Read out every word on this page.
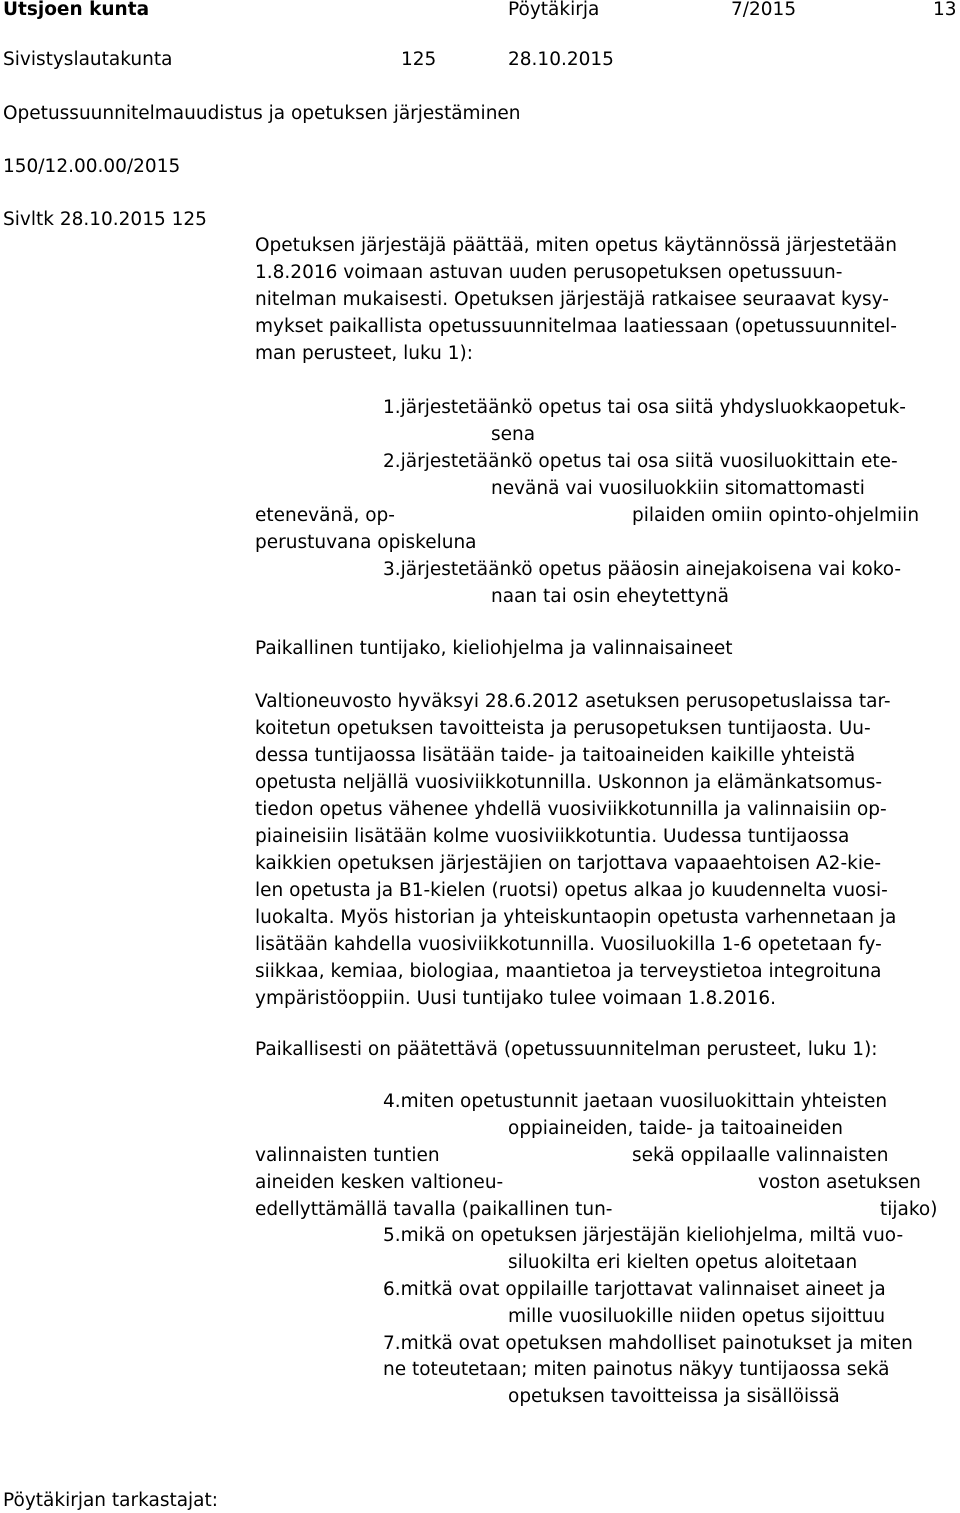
Utsjoen kunta	Pöytäkirja	7/2015	13
Sivistyslautakunta	125	28.10.2015
Opetussuunnitelmauudistus ja opetuksen järjestäminen
150/12.00.00/2015
Sivltk 28.10.2015 125
Opetuksen järjestäjä päättää, miten opetus käytännössä järjestetään
1.8.2016 voimaan astuvan uuden perusopetuksen opetussuun-
nitelman mukaisesti. Opetuksen järjestäjä ratkaisee seuraavat kysy-
mykset paikallista opetussuunnitelmaa laatiessaan (opetussuunnitel-
man perusteet, luku 1):
1.järjestetäänkö opetus tai osa siitä yhdysluokkaopetuk-
sena
2.järjestetäänkö opetus tai osa siitä vuosiluokittain ete-
nevänä vai vuosiluokkiin sitomattomasti
etenevänä, op-	pilaiden omiin opinto-ohjelmiin
perustuvana opiskeluna
3.järjestetäänkö opetus pääosin ainejakoisena vai koko-
naan tai osin eheytettynä
Paikallinen tuntijako, kieliohjelma ja valinnaisaineet
Valtioneuvosto hyväksyi 28.6.2012 asetuksen perusopetuslaissa tar-
koitetun opetuksen tavoitteista ja perusopetuksen tuntijaosta. Uu-
dessa tuntijaossa lisätään taide- ja taitoaineiden kaikille yhteistä
opetusta neljällä vuosiviikkotunnilla. Uskonnon ja elämänkatsomus-
tiedon opetus vähenee yhdellä vuosiviikkotunnilla ja valinnaisiin op-
piaineisiin lisätään kolme vuosiviikkotuntia. Uudessa tuntijaossa
kaikkien opetuksen järjestäjien on tarjottava vapaaehtoisen A2-kie-
len opetusta ja B1-kielen (ruotsi) opetus alkaa jo kuudennelta vuosi-
luokalta. Myös historian ja yhteiskuntaopin opetusta varhennetaan ja
lisätään kahdella vuosiviikkotunnilla. Vuosiluokilla 1-6 opetetaan fy-
siikkaa, kemiaa, biologiaa, maantietoa ja terveystietoa integroituna
ympäristöoppiin. Uusi tuntijako tulee voimaan 1.8.2016.
Paikallisesti on päätettävä (opetussuunnitelman perusteet, luku 1):
4.miten opetustunnit jaetaan vuosiluokittain yhteisten
oppiaineiden, taide- ja taitoaineiden
valinnaisten tuntien	sekä oppilaalle valinnaisten
aineiden kesken valtioneu-	voston asetuksen
edellyttämällä tavalla (paikallinen tun-	tijako)
5.mikä on opetuksen järjestäjän kieliohjelma, miltä vuo-
siluokilta eri kielten opetus aloitetaan
6.mitkä ovat oppilaille tarjottavat valinnaiset aineet ja
mille vuosiluokille niiden opetus sijoittuu
7.mitkä ovat opetuksen mahdolliset painotukset ja miten
ne toteutetaan; miten painotus näkyy tuntijaossa sekä
opetuksen tavoitteissa ja sisällöissä
Pöytäkirjan tarkastajat:
